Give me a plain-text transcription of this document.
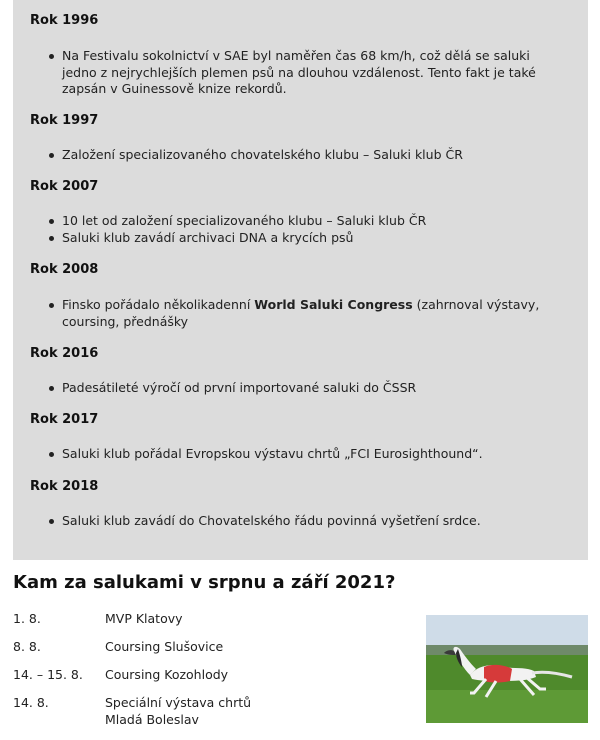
Rok 1996
Na Festivalu sokolnictví v SAE byl naměřen čas 68 km/h, což dělá se saluki jedno z nejrychlejších plemen psů na dlouhou vzdálenost. Tento fakt je také zapsán v Guinessově knize rekordů.
Rok 1997
Založení specializovaného chovatelského klubu – Saluki klub ČR
Rok 2007
10 let od založení specializovaného klubu – Saluki klub ČR
Saluki klub zavádí archivaci DNA a krycích psů
Rok 2008
Finsko pořádalo několikadenní World Saluki Congress (zahrnoval výstavy, coursing, přednášky
Rok 2016
Padesátileté výročí od první importované saluki do ČSSR
Rok 2017
Saluki klub pořádal Evropskou výstavu chrtů „FCI Eurosighthound“.
Rok 2018
Saluki klub zavádí do Chovatelského řádu povinná vyšetření srdce.
Kam za salukami v srpnu a září 2021?
1. 8.	MVP Klatovy
8. 8.	Coursing Slušovice
14. – 15. 8. Coursing Kozohlody
14. 8.	Speciální výstava chrtů Mladá Boleslav
